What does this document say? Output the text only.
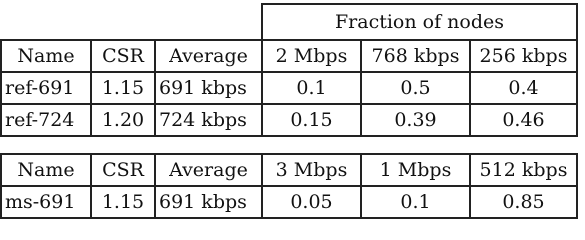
			Fraction of nodes		
Name	CSR	Average	2 Mbps	768 kbps	256 kbps
ref-691	1.15	691 kbps	0.1	0.5	0.4
ref-724	1.20	724 kbps	0.15	0.39	0.46
Name	CSR	Average	3 Mbps	1 Mbps	512 kbps
ms-691	1.15	691 kbps	0.05	0.1	0.85
